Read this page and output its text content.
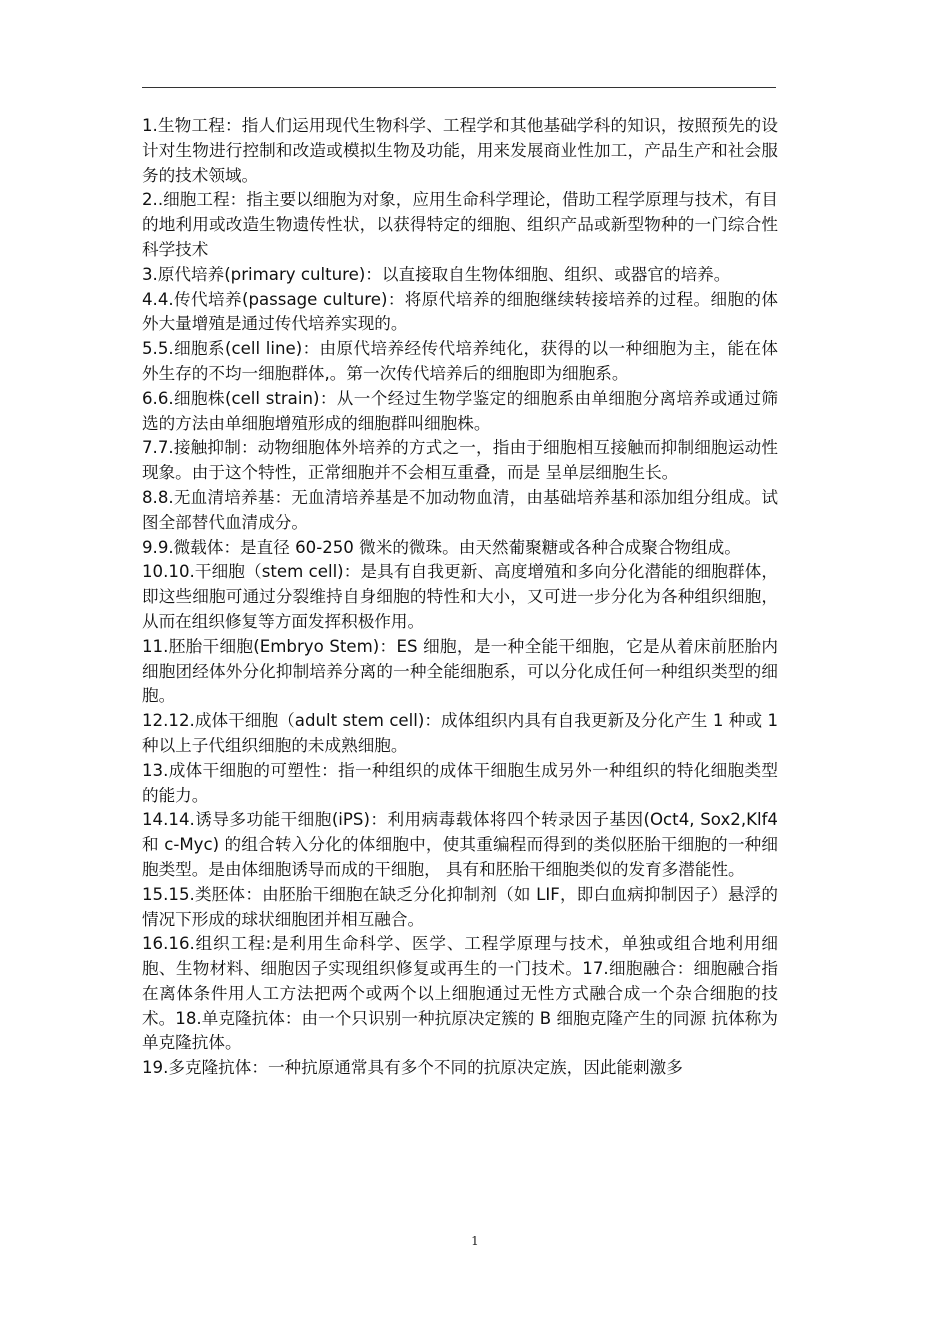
1.生物工程：指人们运用现代生物科学、工程学和其他基础学科的知识，按照预先的设计对生物进行控制和改造或模拟生物及功能，用来发展商业性加工，产品生产和社会服务的技术领域。

2..细胞工程：指主要以细胞为对象，应用生命科学理论，借助工程学原理与技术，有目的地利用或改造生物遗传性状，以获得特定的细胞、组织产品或新型物种的一门综合性科学技术

3.原代培养(primary culture)：以直接取自生物体细胞、组织、或器官的培养。

4.4.传代培养(passage culture)：将原代培养的细胞继续转接培养的过程。细胞的体外大量增殖是通过传代培养实现的。

5.5.细胞系(cell line)：由原代培养经传代培养纯化，获得的以一种细胞为主，能在体外生存的不均一细胞群体,。第一次传代培养后的细胞即为细胞系。

6.6.细胞株(cell strain)：从一个经过生物学鉴定的细胞系由单细胞分离培养或通过筛选的方法由单细胞增殖形成的细胞群叫细胞株。

7.7.接触抑制：动物细胞体外培养的方式之一，指由于细胞相互接触而抑制细胞运动性现象。由于这个特性，正常细胞并不会相互重叠，而是 呈单层细胞生长。

8.8.无血清培养基：无血清培养基是不加动物血清，由基础培养基和添加组分组成。试图全部替代血清成分。

9.9.微载体：是直径 60-250 微米的微珠。由天然葡聚糖或各种合成聚合物组成。

10.10.干细胞（stem cell)：是具有自我更新、高度增殖和多向分化潜能的细胞群体，即这些细胞可通过分裂维持自身细胞的特性和大小，又可进一步分化为各种组织细胞，从而在组织修复等方面发挥积极作用。

11.胚胎干细胞(Embryo Stem)：ES 细胞，是一种全能干细胞，它是从着床前胚胎内细胞团经体外分化抑制培养分离的一种全能细胞系，可以分化成任何一种组织类型的细胞。

12.12.成体干细胞（adult stem cell)：成体组织内具有自我更新及分化产生 1 种或 1 种以上子代组织细胞的未成熟细胞。

13.成体干细胞的可塑性：指一种组织的成体干细胞生成另外一种组织的特化细胞类型的能力。

14.14.诱导多功能干细胞(iPS)：利用病毒载体将四个转录因子基因(Oct4, Sox2,Klf4 和 c-Myc) 的组合转入分化的体细胞中，使其重编程而得到的类似胚胎干细胞的一种细胞类型。是由体细胞诱导而成的干细胞， 具有和胚胎干细胞类似的发育多潜能性。

15.15.类胚体：由胚胎干细胞在缺乏分化抑制剂（如 LIF，即白血病抑制因子）悬浮的情况下形成的球状细胞团并相互融合。

16.16.组织工程:是利用生命科学、医学、工程学原理与技术，单独或组合地利用细胞、生物材料、细胞因子实现组织修复或再生的一门技术。17.细胞融合：细胞融合指在离体条件用人工方法把两个或两个以上细胞通过无性方式融合成一个杂合细胞的技术。18.单克隆抗体：由一个只识别一种抗原决定簇的 B 细胞克隆产生的同源 抗体称为单克隆抗体。

19.多克隆抗体：一种抗原通常具有多个不同的抗原决定族，因此能刺激多

1
